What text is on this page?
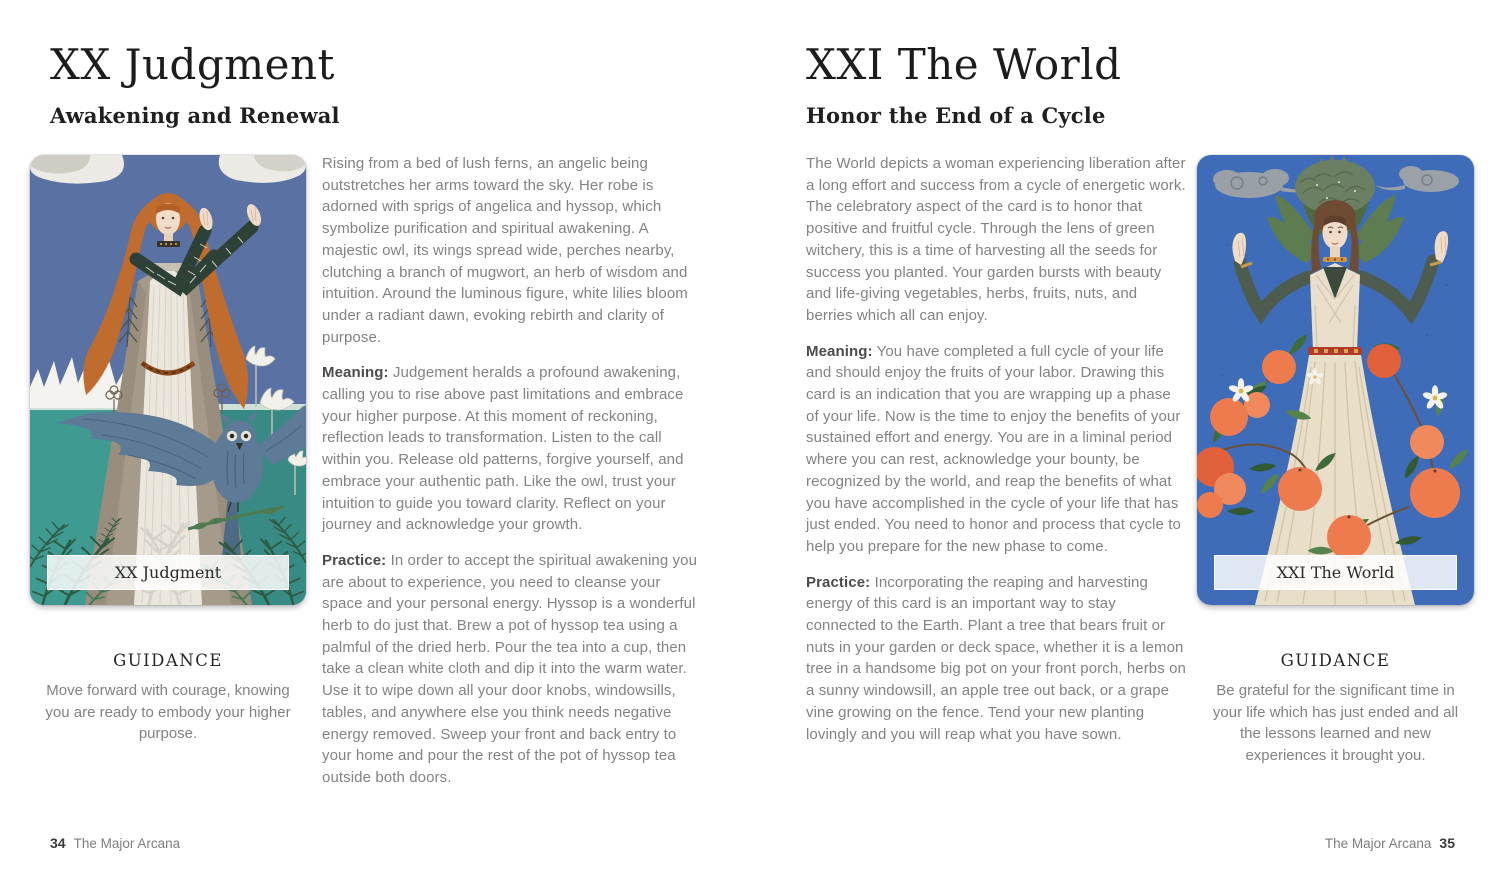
XX Judgment
Awakening and Renewal
XX Judgment
GUIDANCE

Move forward with courage, knowing you are ready to embody your higher purpose.

Rising from a bed of lush ferns, an angelic being outstretches her arms toward the sky. Her robe is adorned with sprigs of angelica and hyssop, which symbolize purification and spiritual awakening. A majestic owl, its wings spread wide, perches nearby, clutching a branch of mugwort, an herb of wisdom and intuition. Around the luminous figure, white lilies bloom under a radiant dawn, evoking rebirth and clarity of purpose.

Meaning: Judgement heralds a profound awakening, calling you to rise above past limitations and embrace your higher purpose. At this moment of reckoning, reflection leads to transformation. Listen to the call within you. Release old patterns, forgive yourself, and embrace your authentic path. Like the owl, trust your intuition to guide you toward clarity. Reflect on your journey and acknowledge your growth.

Practice: In order to accept the spiritual awakening you are about to experience, you need to cleanse your space and your personal energy. Hyssop is a wonderful herb to do just that. Brew a pot of hyssop tea using a palmful of the dried herb. Pour the tea into a cup, then take a clean white cloth and dip it into the warm water. Use it to wipe down all your door knobs, windowsills, tables, and anywhere else you think needs negative energy removed. Sweep your front and back entry to your home and pour the rest of the pot of hyssop tea outside both doors.

34 The Major Arcana
XXI The World
Honor the End of a Cycle

The World depicts a woman experiencing liberation after a long effort and success from a cycle of energetic work. The celebratory aspect of the card is to honor that positive and fruitful cycle. Through the lens of green witchery, this is a time of harvesting all the seeds for success you planted. Your garden bursts with beauty and life-giving vegetables, herbs, fruits, nuts, and berries which all can enjoy.

Meaning: You have completed a full cycle of your life and should enjoy the fruits of your labor. Drawing this card is an indication that you are wrapping up a phase of your life. Now is the time to enjoy the benefits of your sustained effort and energy. You are in a liminal period where you can rest, acknowledge your bounty, be recognized by the world, and reap the benefits of what you have accomplished in the cycle of your life that has just ended. You need to honor and process that cycle to help you prepare for the new phase to come.

Practice: Incorporating the reaping and harvesting energy of this card is an important way to stay connected to the Earth. Plant a tree that bears fruit or nuts in your garden or deck space, whether it is a lemon tree in a handsome big pot on your front porch, herbs on a sunny windowsill, an apple tree out back, or a grape vine growing on the fence. Tend your new planting lovingly and you will reap what you have sown.

XXI The World
GUIDANCE

Be grateful for the significant time in your life which has just ended and all the lessons learned and new experiences it brought you.

The Major Arcana 35
